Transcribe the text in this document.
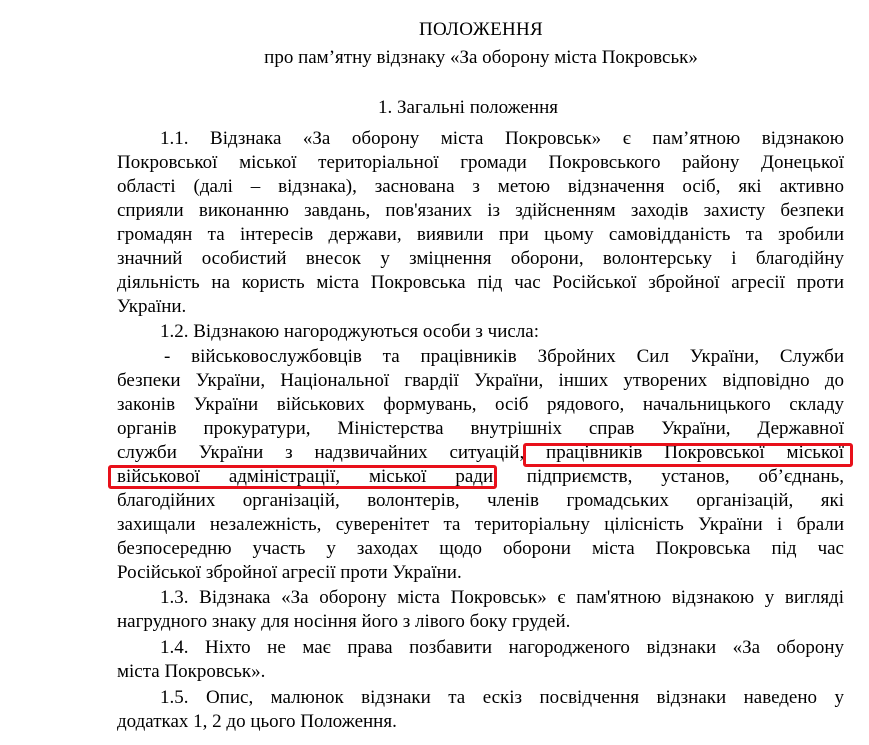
ПОЛОЖЕННЯ
про пам’ятну відзнаку «За оборону міста Покровськ»
1. Загальні положення
1.1. Відзнака «За оборону міста Покровськ» є пам’ятною відзнакою
Покровської міської територіальної громади Покровського району Донецької
області (далі – відзнака), заснована з метою відзначення осіб, які активно
сприяли виконанню завдань, пов'язаних із здійсненням заходів захисту безпеки
громадян та інтересів держави, виявили при цьому самовідданість та зробили
значний особистий внесок у зміцнення оборони, волонтерську і благодійну
діяльність на користь міста Покровська під час Російської збройної агресії проти
України.
1.2. Відзнакою нагороджуються особи з числа:
- військовослужбовців та працівників Збройних Сил України, Служби
безпеки України, Національної гвардії України, інших утворених відповідно до
законів України військових формувань, осіб рядового, начальницького складу
органів прокуратури, Міністерства внутрішніх справ України, Державної
служби України з надзвичайних ситуацій, працівників Покровської міської
військової адміністрації, міської ради, підприємств, установ, об’єднань,
благодійних організацій, волонтерів, членів громадських організацій, які
захищали незалежність, суверенітет та територіальну цілісність України і брали
безпосередню участь у заходах щодо оборони міста Покровська під час
Російської збройної агресії проти України.
1.3. Відзнака «За оборону міста Покровськ» є пам'ятною відзнакою у вигляді
нагрудного знаку для носіння його з лівого боку грудей.
1.4. Ніхто не має права позбавити нагородженого відзнаки «За оборону
міста Покровськ».
1.5. Опис, малюнок відзнаки та ескіз посвідчення відзнаки наведено у
додатках 1, 2 до цього Положення.
